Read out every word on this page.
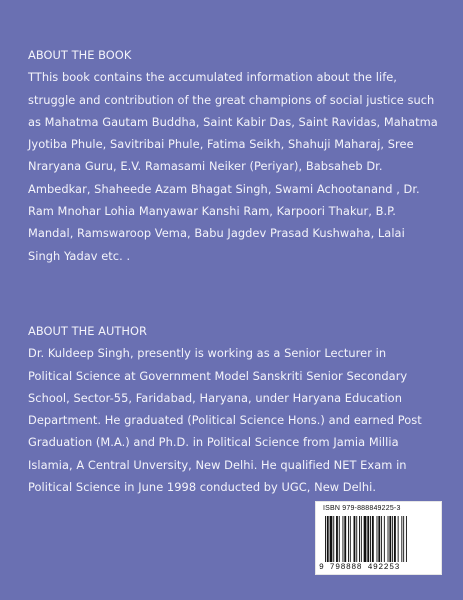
ABOUT THE BOOK
TThis book contains the accumulated information about the life,
struggle and contribution of the great champions of social justice such
as Mahatma Gautam Buddha, Saint Kabir Das, Saint Ravidas, Mahatma
Jyotiba Phule, Savitribai Phule, Fatima Seikh, Shahuji Maharaj, Sree
Nraryana Guru, E.V. Ramasami Neiker (Periyar), Babsaheb Dr.
Ambedkar, Shaheede Azam Bhagat Singh, Swami Achootanand , Dr.
Ram Mnohar Lohia Manyawar Kanshi Ram, Karpoori Thakur, B.P.
Mandal, Ramswaroop Vema, Babu Jagdev Prasad Kushwaha, Lalai
Singh Yadav etc. .
ABOUT THE AUTHOR
Dr. Kuldeep Singh, presently is working as a Senior Lecturer in
Political Science at Government Model Sanskriti Senior Secondary
School, Sector-55, Faridabad, Haryana, under Haryana Education
Department. He graduated (Political Science Hons.) and earned Post
Graduation (M.A.) and Ph.D. in Political Science from Jamia Millia
Islamia, A Central Unversity, New Delhi. He qualified NET Exam in
Political Science in June 1998 conducted by UGC, New Delhi.
ISBN 979-888849225-3
9 798888 492253
